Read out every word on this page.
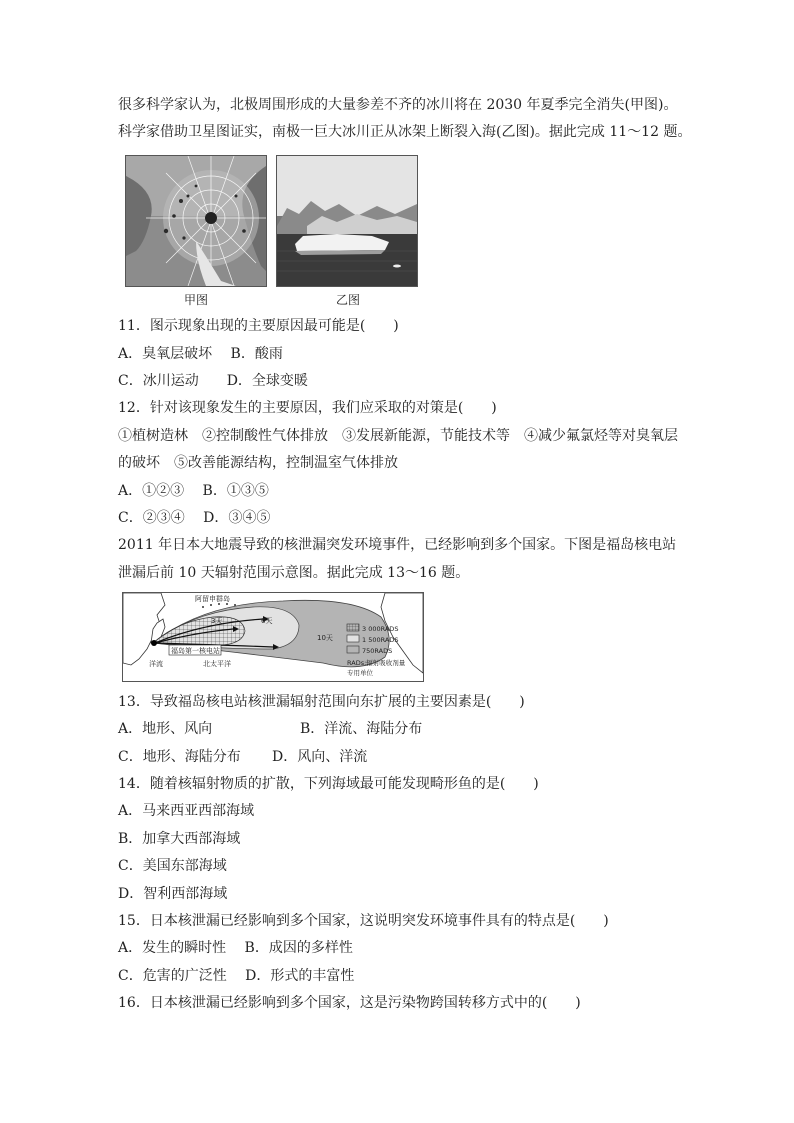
很多科学家认为，北极周围形成的大量参差不齐的冰川将在 2030 年夏季完全消失(甲图)。
科学家借助卫星图证实，南极一巨大冰川正从冰架上断裂入海(乙图)。据此完成 11～12 题。
甲图	乙图
11．图示现象出现的主要原因最可能是(　　)
A．臭氧层破坏　 B．酸雨
C．冰川运动　　D．全球变暖
12．针对该现象发生的主要原因，我们应采取的对策是(　　)
①植树造林　②控制酸性气体排放　③发展新能源，节能技术等　④减少氟氯烃等对臭氧层
的破坏　⑤改善能源结构，控制温室气体排放
A．①②③　 B．①③⑤
C．②③④　 D．③④⑤
2011 年日本大地震导致的核泄漏突发环境事件，已经影响到多个国家。下图是福岛核电站
泄漏后前 10 天辐射范围示意图。据此完成 13～16 题。
阿留申群岛
3天	6天
10天
福岛第一核电站
洋流	北太平洋
3 000RADS
1 500RADS
750RADS
RADs:辐射吸收剂量
专用单位
13．导致福岛核电站核泄漏辐射范围向东扩展的主要因素是(　　)
A．地形、风向	B．洋流、海陆分布
C．地形、海陆分布 D．风向、洋流
14．随着核辐射物质的扩散，下列海域最可能发现畸形鱼的是(　　)
A．马来西亚西部海域
B．加拿大西部海域
C．美国东部海域
D．智利西部海域
15．日本核泄漏已经影响到多个国家，这说明突发环境事件具有的特点是(　　)
A．发生的瞬时性　 B．成因的多样性
C．危害的广泛性　 D．形式的丰富性
16．日本核泄漏已经影响到多个国家，这是污染物跨国转移方式中的(　　)
